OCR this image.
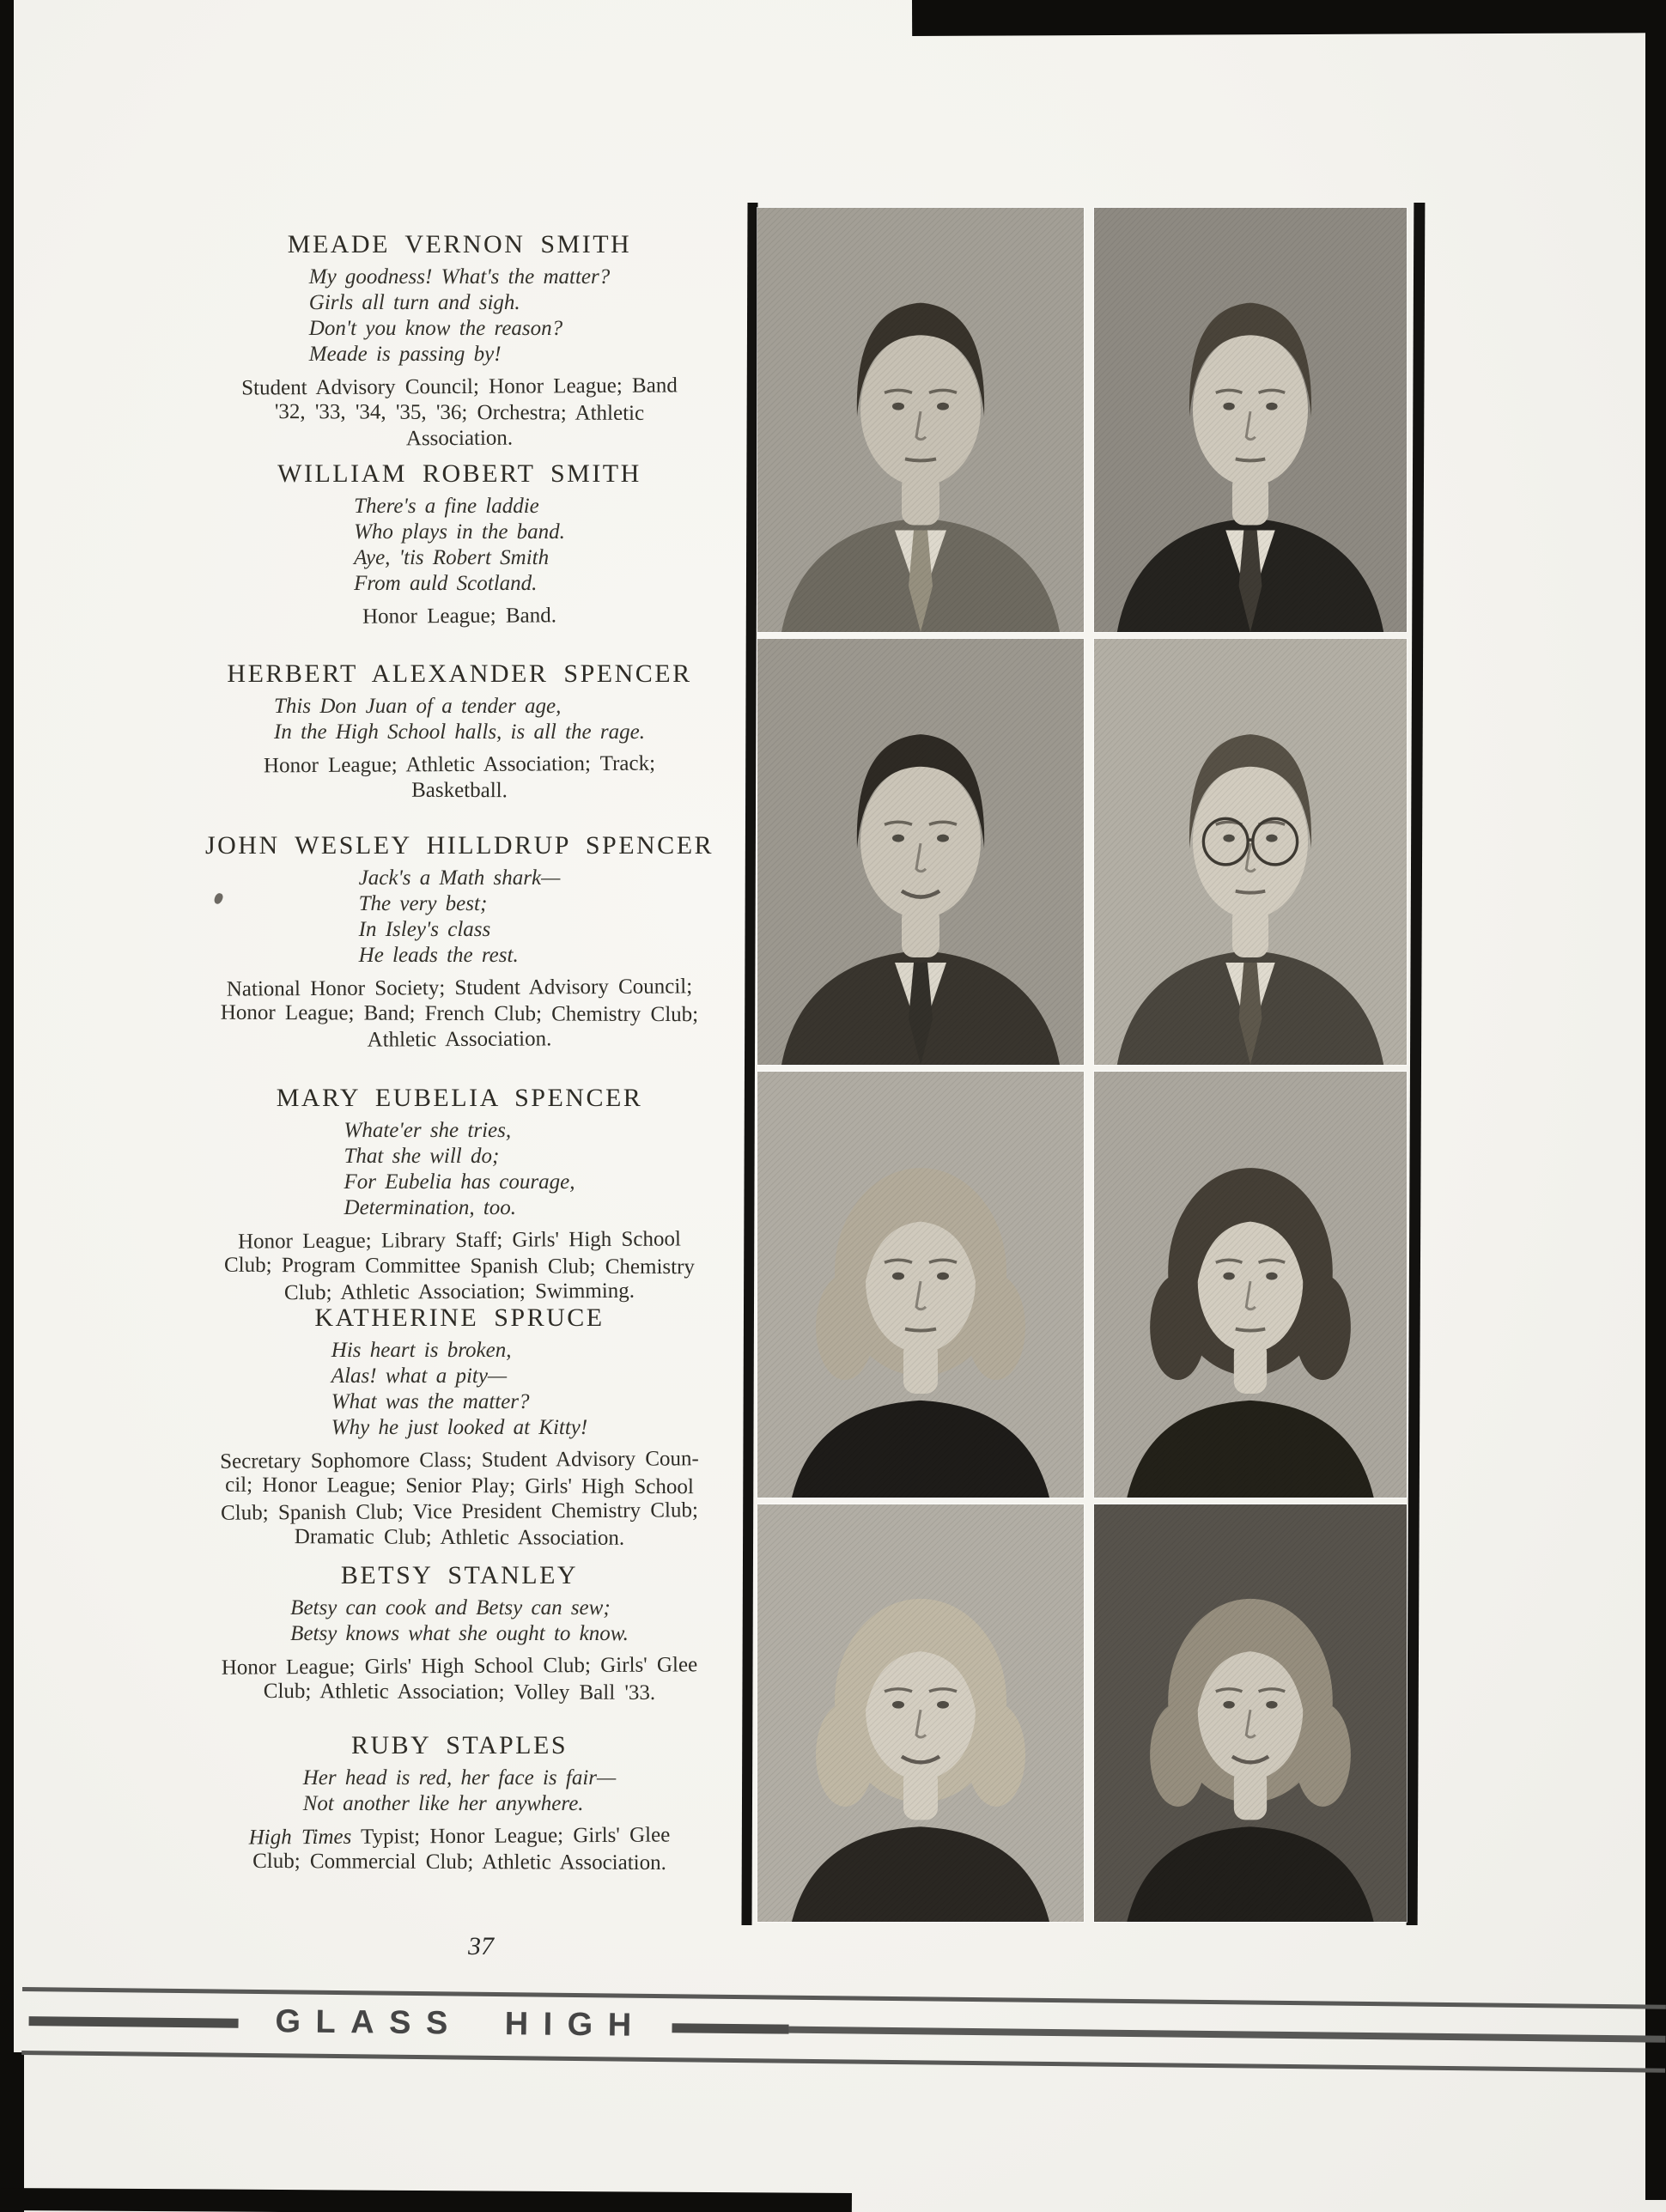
MEADE VERNON SMITH
My goodness! What's the matter?
Girls all turn and sigh.
Don't you know the reason?
Meade is passing by!
Student Advisory Council; Honor League; Band
'32, '33, '34, '35, '36; Orchestra; Athletic
Association.
WILLIAM ROBERT SMITH
There's a fine laddie
Who plays in the band.
Aye, 'tis Robert Smith
From auld Scotland.
Honor League; Band.
HERBERT ALEXANDER SPENCER
This Don Juan of a tender age,
In the High School halls, is all the rage.
Honor League; Athletic Association; Track;
Basketball.
JOHN WESLEY HILLDRUP SPENCER
Jack's a Math shark—
The very best;
In Isley's class
He leads the rest.
National Honor Society; Student Advisory Council;
Honor League; Band; French Club; Chemistry Club;
Athletic Association.
MARY EUBELIA SPENCER
Whate'er she tries,
That she will do;
For Eubelia has courage,
Determination, too.
Honor League; Library Staff; Girls' High School
Club; Program Committee Spanish Club; Chemistry
Club; Athletic Association; Swimming.
KATHERINE SPRUCE
His heart is broken,
Alas! what a pity—
What was the matter?
Why he just looked at Kitty!
Secretary Sophomore Class; Student Advisory Coun-
cil; Honor League; Senior Play; Girls' High School
Club; Spanish Club; Vice President Chemistry Club;
Dramatic Club; Athletic Association.
BETSY STANLEY
Betsy can cook and Betsy can sew;
Betsy knows what she ought to know.
Honor League; Girls' High School Club; Girls' Glee
Club; Athletic Association; Volley Ball '33.
RUBY STAPLES
Her head is red, her face is fair—
Not another like her anywhere.
High Times Typist; Honor League; Girls' Glee
Club; Commercial Club; Athletic Association.
37
GLASS HIGH
